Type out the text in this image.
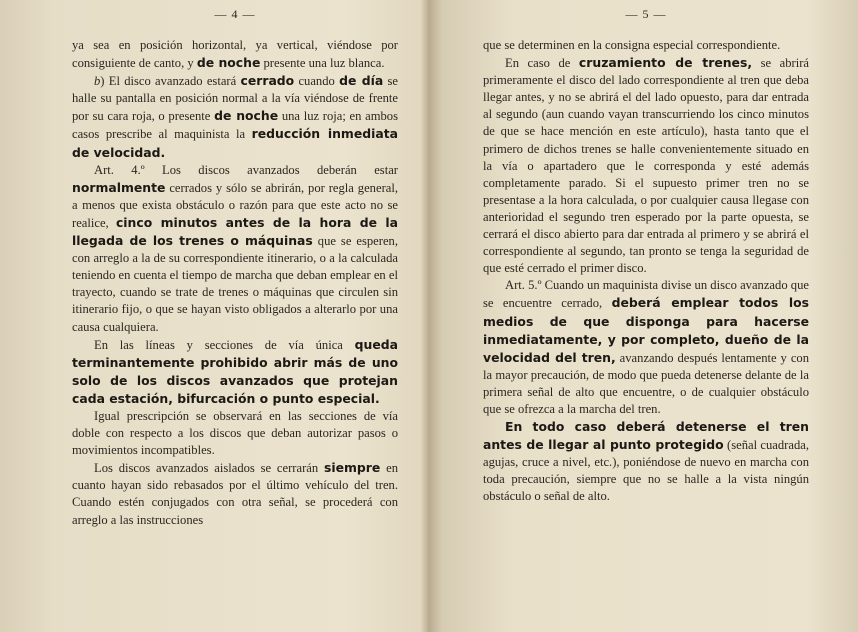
— 4 —

ya sea en posición horizontal, ya vertical, viéndose por consiguiente de canto, y de noche presente una luz blanca.

b) El disco avanzado estará cerrado cuando de día se halle su pantalla en posición normal a la vía viéndose de frente por su cara roja, o presente de noche una luz roja; en ambos casos prescribe al maquinista la reducción inmediata de velocidad.

Art. 4.º Los discos avanzados deberán estar normalmente cerrados y sólo se abrirán, por regla general, a menos que exista obstáculo o razón para que este acto no se realice, cinco minutos antes de la hora de la llegada de los trenes o máquinas que se esperen, con arreglo a la de su correspondiente itinerario, o a la calculada teniendo en cuenta el tiempo de marcha que deban emplear en el trayecto, cuando se trate de trenes o máquinas que circulen sin itinerario fijo, o que se hayan visto obligados a alterarlo por una causa cualquiera.

En las líneas y secciones de vía única queda terminantemente prohibido abrir más de uno solo de los discos avanzados que protejan cada estación, bifurcación o punto especial.

Igual prescripción se observará en las secciones de vía doble con respecto a los discos que deban autorizar pasos o movimientos incompatibles.

Los discos avanzados aislados se cerrarán siempre en cuanto hayan sido rebasados por el último vehículo del tren. Cuando estén conjugados con otra señal, se procederá con arreglo a las instrucciones

— 5 —

que se determinen en la consigna especial correspondiente.

En caso de cruzamiento de trenes, se abrirá primeramente el disco del lado correspondiente al tren que deba llegar antes, y no se abrirá el del lado opuesto, para dar entrada al segundo (aun cuando vayan transcurriendo los cinco minutos de que se hace mención en este artículo), hasta tanto que el primero de dichos trenes se halle convenientemente situado en la vía o apartadero que le corresponda y esté además completamente parado. Si el supuesto primer tren no se presentase a la hora calculada, o por cualquier causa llegase con anterioridad el segundo tren esperado por la parte opuesta, se cerrará el disco abierto para dar entrada al primero y se abrirá el correspondiente al segundo, tan pronto se tenga la seguridad de que esté cerrado el primer disco.

Art. 5.º Cuando un maquinista divise un disco avanzado que se encuentre cerrado, deberá emplear todos los medios de que disponga para hacerse inmediatamente, y por completo, dueño de la velocidad del tren, avanzando después lentamente y con la mayor precaución, de modo que pueda detenerse delante de la primera señal de alto que encuentre, o de cualquier obstáculo que se ofrezca a la marcha del tren.

En todo caso deberá detenerse el tren antes de llegar al punto protegido (señal cuadrada, agujas, cruce a nivel, etc.), poniéndose de nuevo en marcha con toda precaución, siempre que no se halle a la vista ningún obstáculo o señal de alto.
